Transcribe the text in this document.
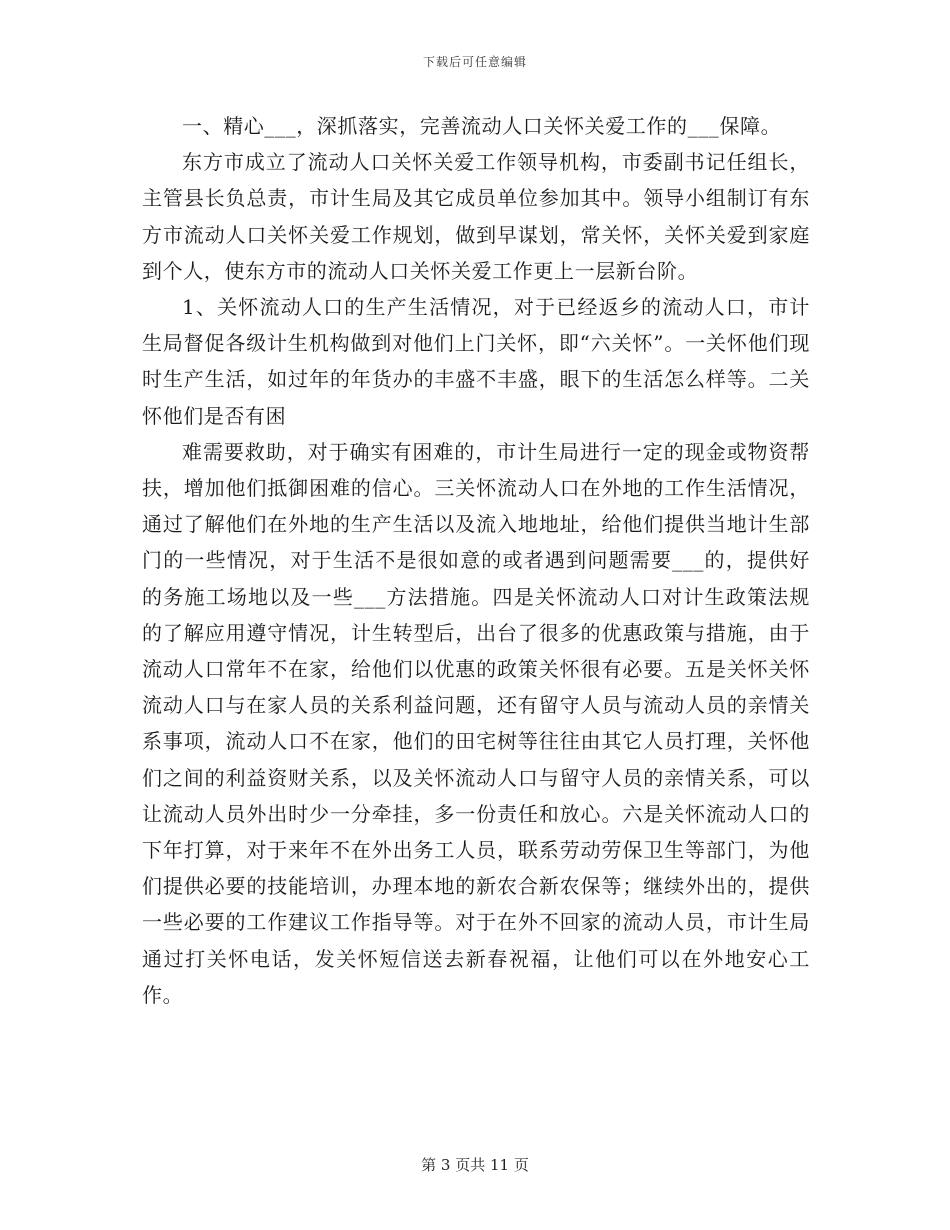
下载后可任意编辑

一、精心___，深抓落实，完善流动人口关怀关爱工作的___保障。

东方市成立了流动人口关怀关爱工作领导机构，市委副书记任组长，主管县长负总责，市计生局及其它成员单位参加其中。领导小组制订有东方市流动人口关怀关爱工作规划，做到早谋划，常关怀，关怀关爱到家庭到个人，使东方市的流动人口关怀关爱工作更上一层新台阶。

1、关怀流动人口的生产生活情况，对于已经返乡的流动人口，市计生局督促各级计生机构做到对他们上门关怀，即“六关怀”。一关怀他们现时生产生活，如过年的年货办的丰盛不丰盛，眼下的生活怎么样等。二关怀他们是否有困

难需要救助，对于确实有困难的，市计生局进行一定的现金或物资帮扶，增加他们抵御困难的信心。三关怀流动人口在外地的工作生活情况，通过了解他们在外地的生产生活以及流入地地址，给他们提供当地计生部门的一些情况，对于生活不是很如意的或者遇到问题需要___的，提供好的务施工场地以及一些___方法措施。四是关怀流动人口对计生政策法规的了解应用遵守情况，计生转型后，出台了很多的优惠政策与措施，由于流动人口常年不在家，给他们以优惠的政策关怀很有必要。五是关怀关怀流动人口与在家人员的关系利益问题，还有留守人员与流动人员的亲情关系事项，流动人口不在家，他们的田宅树等往往由其它人员打理，关怀他们之间的利益资财关系，以及关怀流动人口与留守人员的亲情关系，可以让流动人员外出时少一分牵挂，多一份责任和放心。六是关怀流动人口的下年打算，对于来年不在外出务工人员，联系劳动劳保卫生等部门，为他们提供必要的技能培训，办理本地的新农合新农保等；继续外出的，提供一些必要的工作建议工作指导等。对于在外不回家的流动人员，市计生局通过打关怀电话，发关怀短信送去新春祝福，让他们可以在外地安心工作。

第 3 页共 11 页
